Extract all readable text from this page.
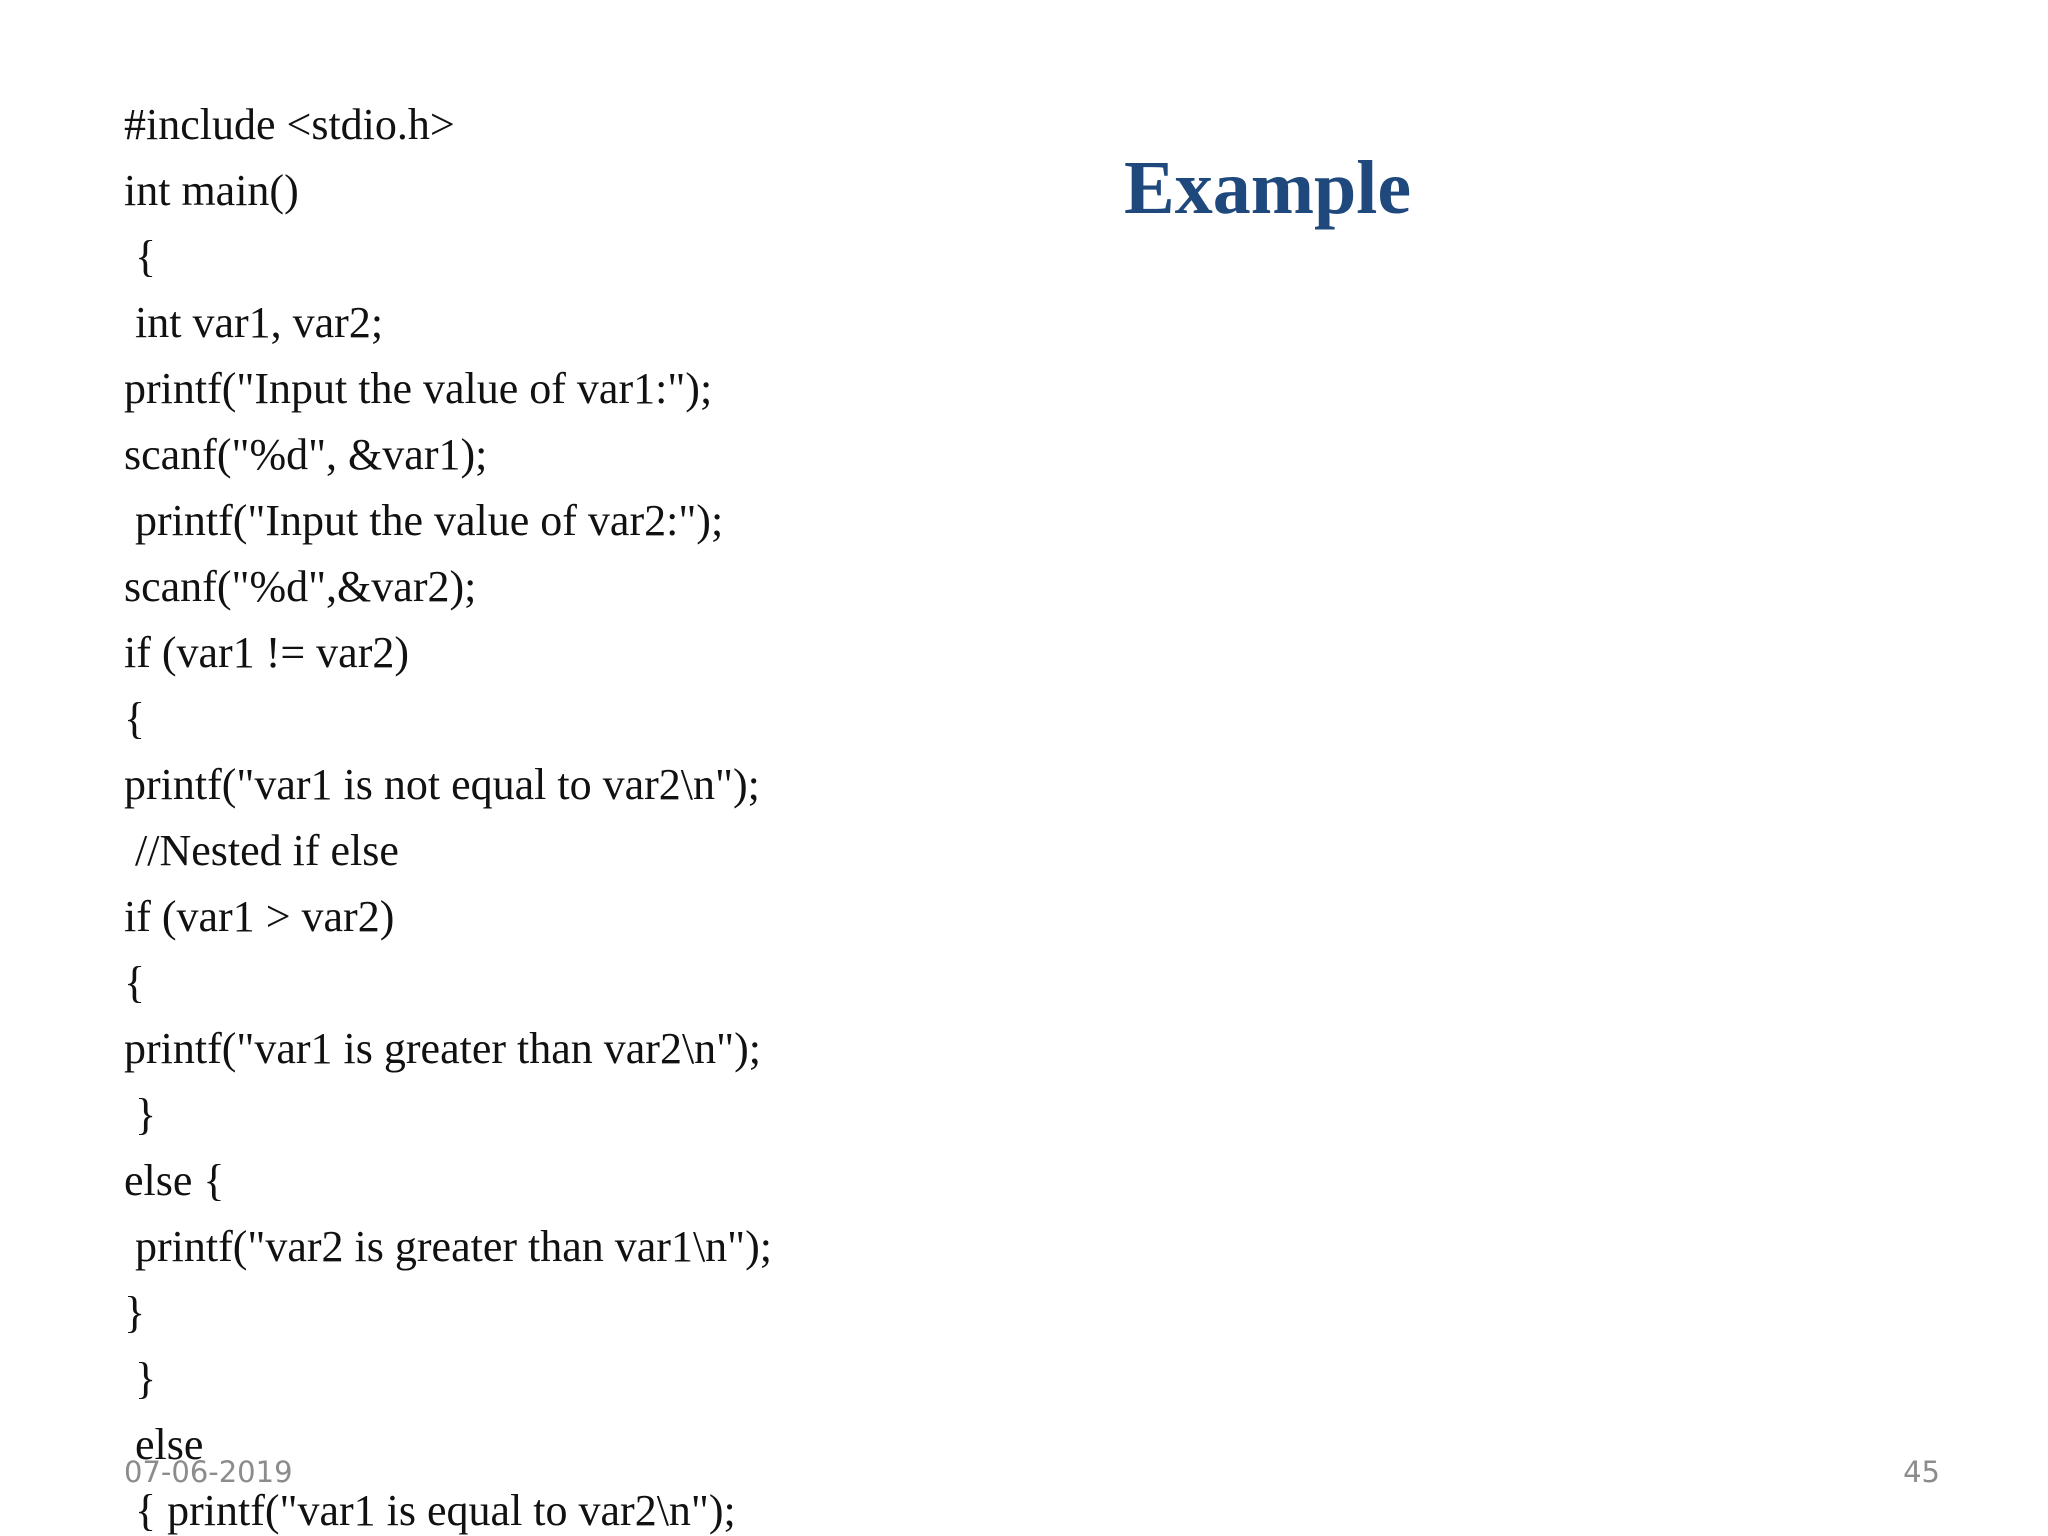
Example
#include <stdio.h>
int main()
{
int var1, var2;
printf("Input the value of var1:");
scanf("%d", &var1);
printf("Input the value of var2:");
scanf("%d",&var2);
if (var1 != var2)
{
printf("var1 is not equal to var2\n");
//Nested if else
if (var1 > var2)
{
printf("var1 is greater than var2\n");
}
else {
printf("var2 is greater than var1\n");
}
}
else
{ printf("var1 is equal to var2\n");
07-06-2019	45
